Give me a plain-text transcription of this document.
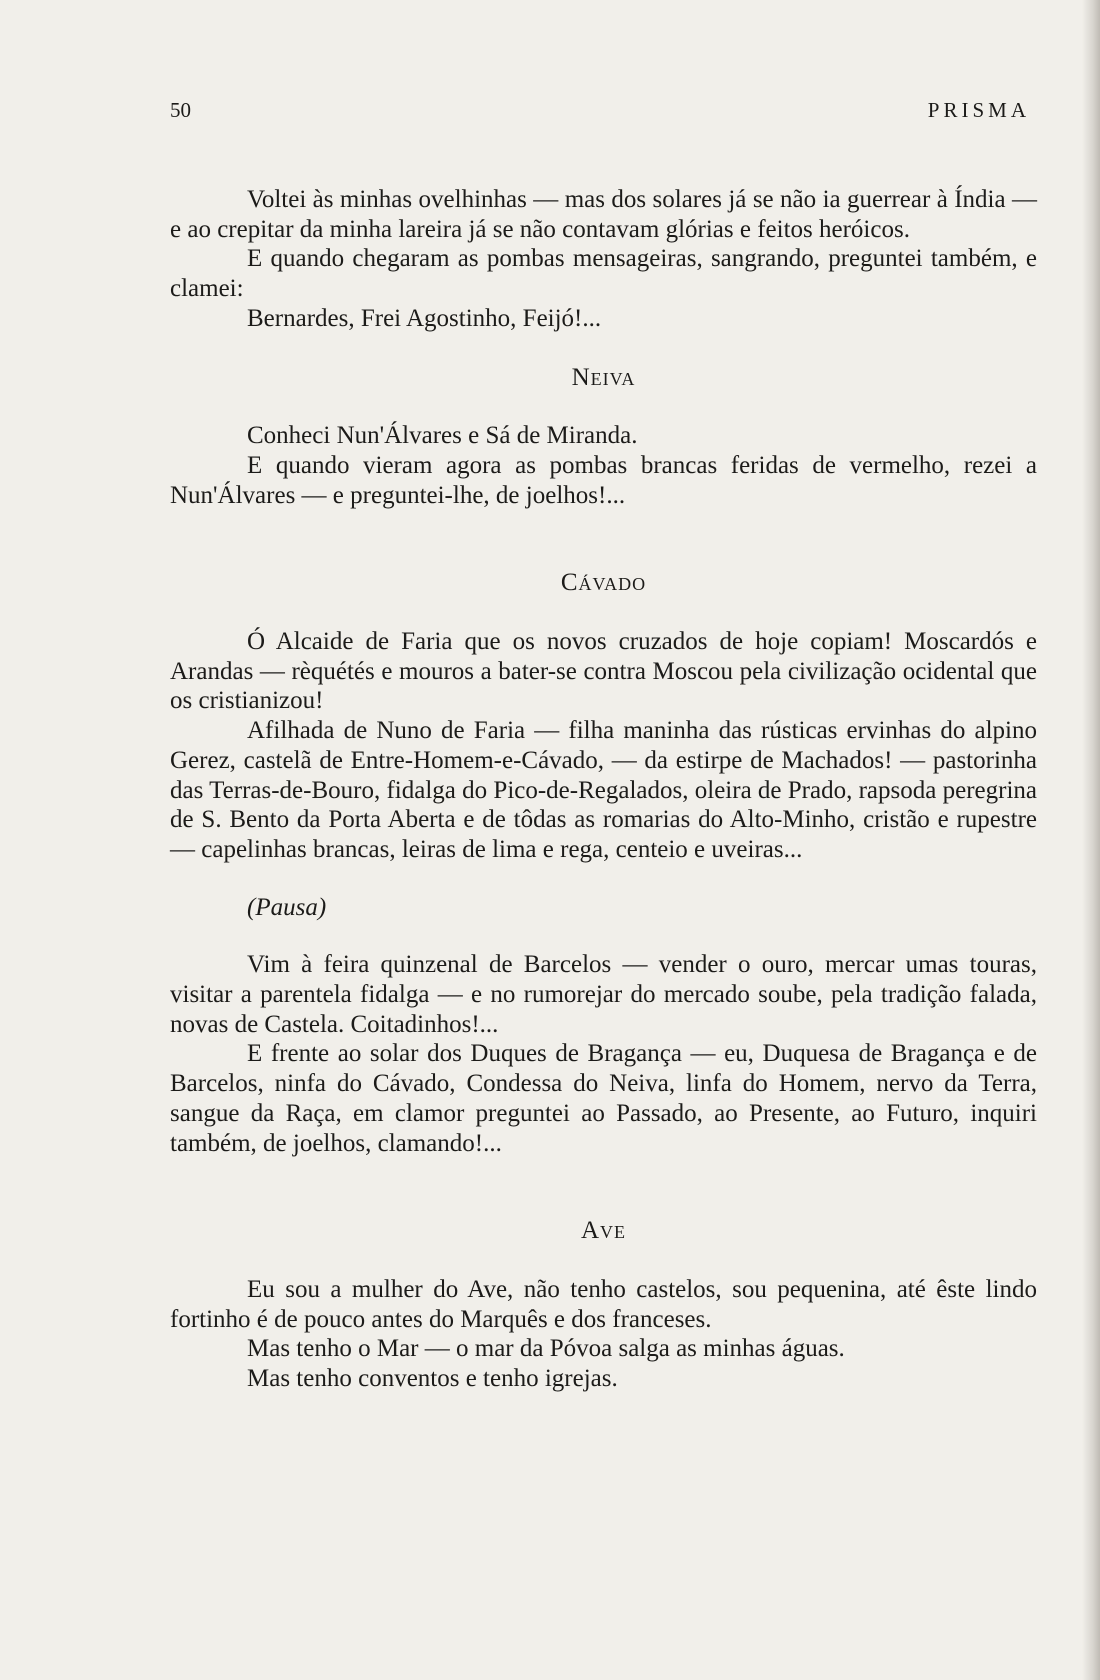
50	PRISMA

Voltei às minhas ovelhinhas — mas dos solares já se não ia guerrear à Índia — e ao crepitar da minha lareira já se não contavam glórias e feitos heróicos.

E quando chegaram as pombas mensageiras, sangrando, preguntei também, e clamei:

Bernardes, Frei Agostinho, Feijó!...

Neiva

Conheci Nun'Álvares e Sá de Miranda.

E quando vieram agora as pombas brancas feridas de vermelho, rezei a Nun'Álvares — e preguntei-lhe, de joelhos!...

Cávado

Ó Alcaide de Faria que os novos cruzados de hoje copiam! Moscardós e Arandas — rèquétés e mouros a bater-se contra Moscou pela civilização ocidental que os cristianizou!

Afilhada de Nuno de Faria — filha maninha das rústicas ervinhas do alpino Gerez, castelã de Entre-Homem-e-Cávado, — da estirpe de Machados! — pastorinha das Terras-de-Bouro, fidalga do Pico-de-Regalados, oleira de Prado, rapsoda peregrina de S. Bento da Porta Aberta e de tôdas as romarias do Alto-Minho, cristão e rupestre — capelinhas brancas, leiras de lima e rega, centeio e uveiras...

(Pausa)

Vim à feira quinzenal de Barcelos — vender o ouro, mercar umas touras, visitar a parentela fidalga — e no rumorejar do mercado soube, pela tradição falada, novas de Castela. Coitadinhos!...

E frente ao solar dos Duques de Bragança — eu, Duquesa de Bragança e de Barcelos, ninfa do Cávado, Condessa do Neiva, linfa do Homem, nervo da Terra, sangue da Raça, em clamor preguntei ao Passado, ao Presente, ao Futuro, inquiri também, de joelhos, clamando!...

Ave

Eu sou a mulher do Ave, não tenho castelos, sou pequenina, até êste lindo fortinho é de pouco antes do Marquês e dos franceses.

Mas tenho o Mar — o mar da Póvoa salga as minhas águas.

Mas tenho conventos e tenho igrejas.
